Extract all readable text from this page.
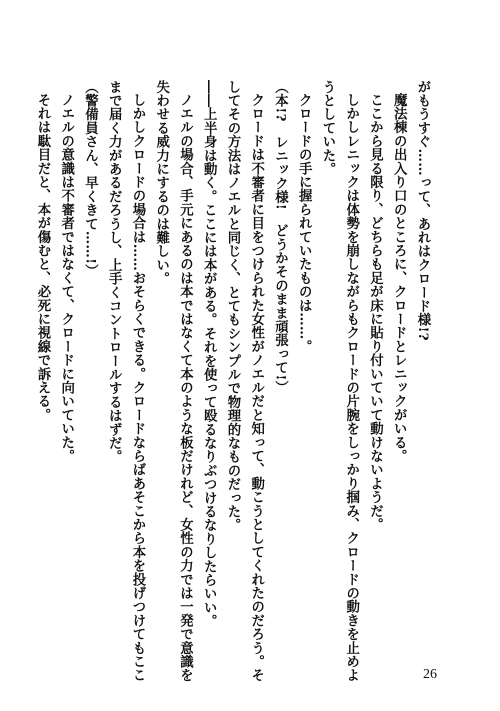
がもうすぐ……って、あれはクロード様!?
魔法棟の出入り口のところに、クロードとレニックがいる。
ここから見る限り、どちらも足が床に貼り付いていて動けないようだ。
しかしレニックは体勢を崩しながらもクロードの片腕をしっかり掴み、クロードの動きを止めよ
うとしていた。
クロードの手に握られていたものは……。
（本!?　レニック様!　どうかそのまま頑張って!）
クロードは不審者に目をつけられた女性がノエルだと知って、動こうとしてくれたのだろう。そ
してその方法はノエルと同じく、とてもシンプルで物理的なものだった。
――上半身は動く。ここには本がある。それを使って殴るなりぶつけるなりしたらいい。
ノエルの場合、手元にあるのは本ではなくて本のような板だけれど、女性の力では一発で意識を
失わせる威力にするのは難しい。
しかしクロードの場合は……おそらくできる。クロードならばあそこから本を投げつけてもここ
まで届く力があるだろうし、上手くコントロールするはずだ。
（警備員さん、早くきて……!）
ノエルの意識は不審者ではなくて、クロードに向いていた。
それは駄目だと、本が傷むと、必死に視線で訴える。
26
